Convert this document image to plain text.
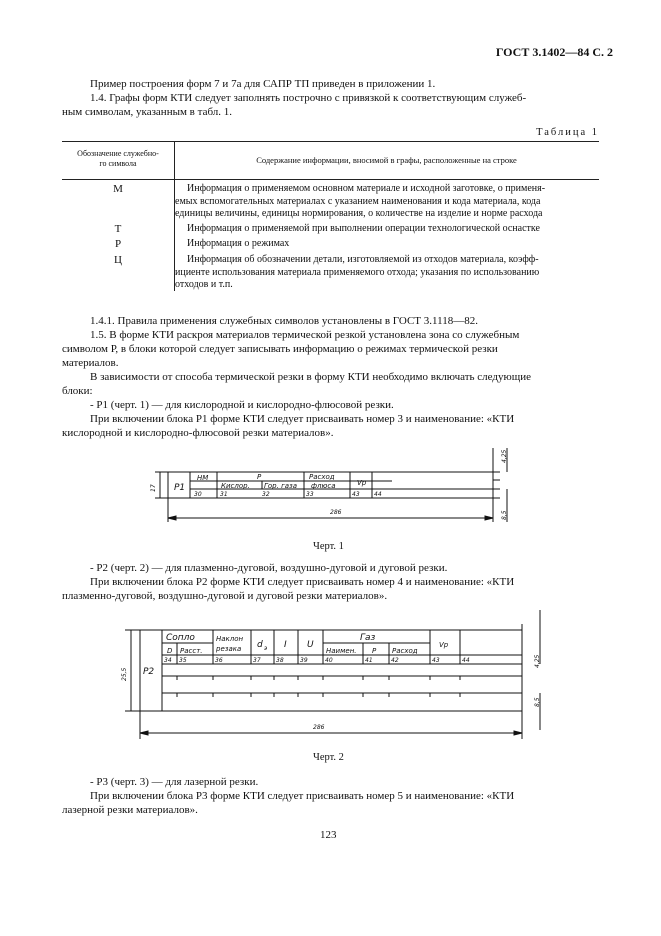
ГОСТ 3.1402—84 С. 2
Пример построения форм 7 и 7а для САПР ТП приведен в приложении 1.
1.4. Графы форм КТИ следует заполнять построчно с привязкой к соответствующим служеб-
ным символам, указанным в табл. 1.
Таблица 1
Обозначение служебно-
го символа	Содержание информации, вносимой в графы, расположенные на строке
М	Информация о применяемом основном материале и исходной заготовке, о применя-
емых вспомогательных материалах с указанием наименования и кода материала, кода
единицы величины, единицы нормирования, о количестве на изделие и норме расхода
Т	Информация о применяемой при выполнении операции технологической оснастке
Р	Информация о режимах
Ц	Информация об обозначении детали, изготовляемой из отходов материала, коэфф-
ициенте использования материала применяемого отхода; указания по использованию
отходов и т.п.
1.4.1. Правила применения служебных символов установлены в ГОСТ 3.1118—82.
1.5. В форме КТИ раскроя материалов термической резкой установлена зона со служебным
символом Р, в блоки которой следует записывать информацию о режимах термической резки
материалов.
В зависимости от способа термической резки в форму КТИ необходимо включать следующие
блоки:
- Р1 (черт. 1) — для кислородной и кислородно-флюсовой резки.
При включении блока Р1 форме КТИ следует присваивать номер 3 и наименование: «КТИ
кислородной и кислородно-флюсовой резки материалов».
Р1
НМ	Р
Кислор. Гор. газа
Расход
флюса	Vр
30	31	32	33	43 44
286
17
4,25
8,5
Р2
Сопло
D Расст.
Наклон
резака d э I U
Газ
Наимен. Р Расход
Vр
34 35	36	37	38	39	40	41	42	43	44
286
25,5
4,25
8,5
Черт. 1
- Р2 (черт. 2) — для плазменно-дуговой, воздушно-дуговой и дуговой резки.
При включении блока Р2 форме КТИ следует присваивать номер 4 и наименование: «КТИ
плазменно-дуговой, воздушно-дуговой и дуговой резки материалов».
Черт. 2
- Р3 (черт. 3) — для лазерной резки.
При включении блока Р3 форме КТИ следует присваивать номер 5 и наименование: «КТИ
лазерной резки материалов».
123
